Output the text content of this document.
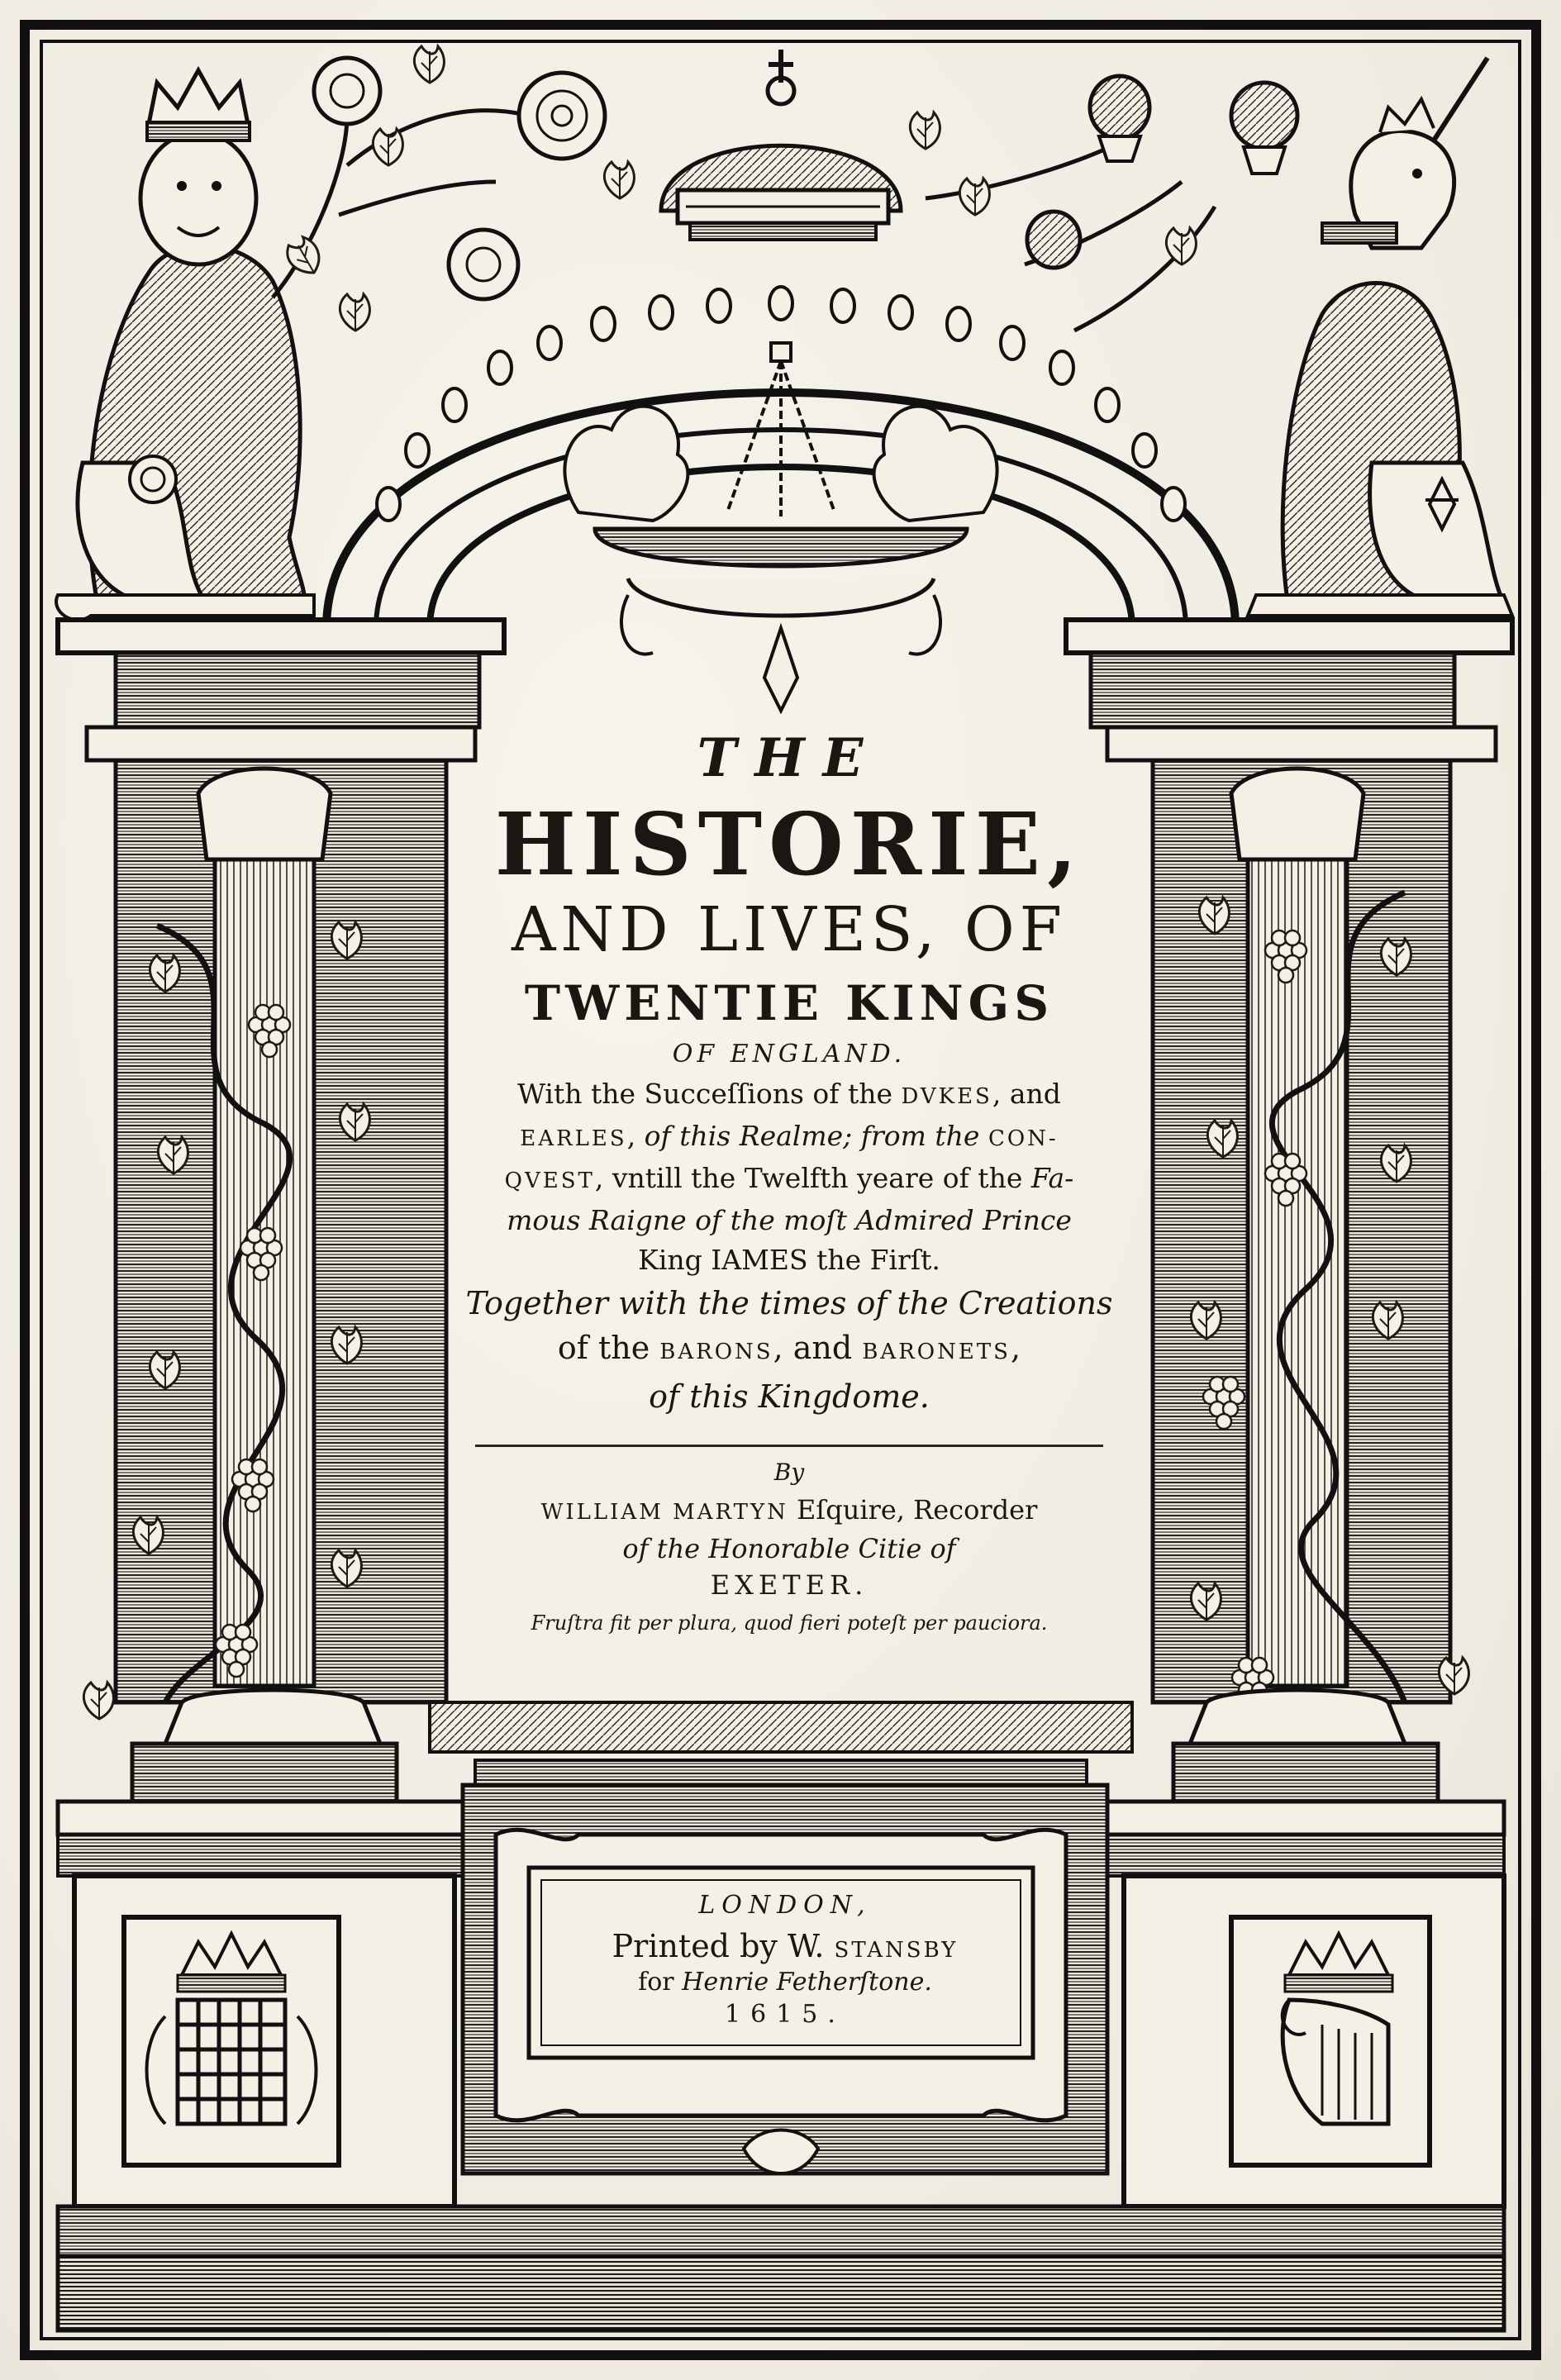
THE
HISTORIE,
AND LIVES, OF
TWENTIE KINGS
OF ENGLAND.
With the Succeſſions of the DVKES, and
EARLES, of this Realme; from the CON-
QVEST, vntill the Twelfth yeare of the Fa-
mous Raigne of the moſt Admired Prince
King IAMES the Firſt.
Together with the times of the Creations
of the BARONS, and BARONETS,
of this Kingdome.
By
WILLIAM MARTYN Eſquire, Recorder
of the Honorable Citie of
EXETER.
Fruſtra fit per plura, quod fieri poteſt per pauciora.
LONDON,
Printed by W. STANSBY
for Henrie Fetherſtone.
1615.
